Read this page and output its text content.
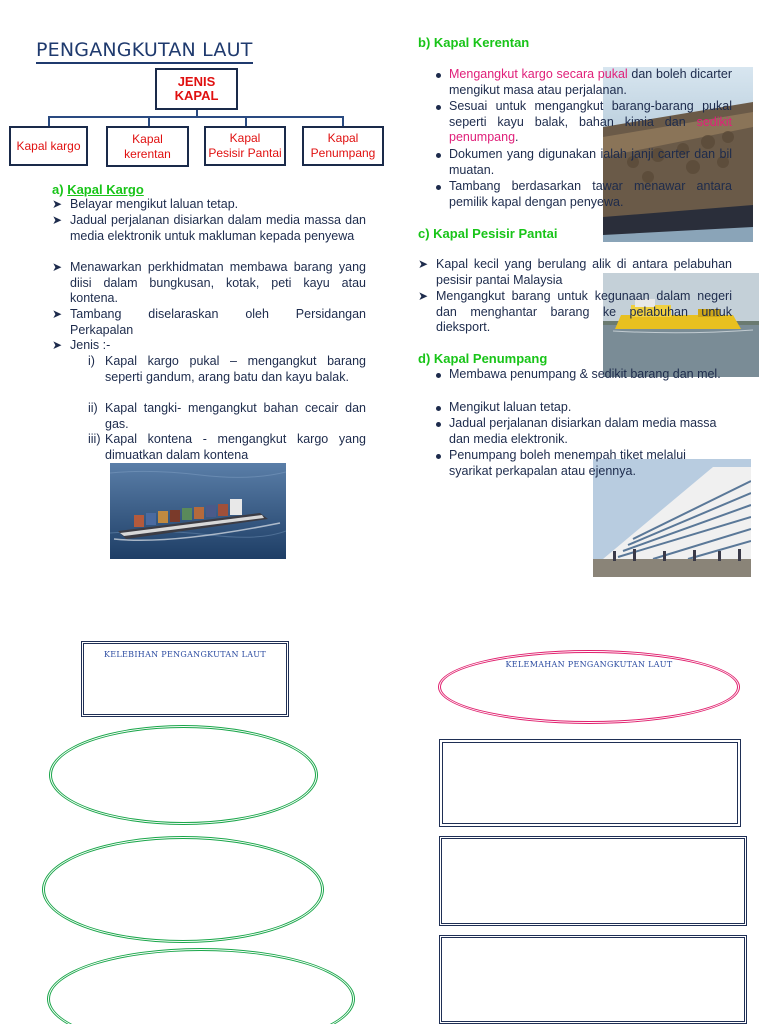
PENGANGKUTAN LAUT
JENIS
KAPAL
Kapal kargo	Kapal
kerentan
Kapal
Pesisir Pantai
Kapal
Penumpang
a) Kapal Kargo
➤ Belayar mengikut laluan tetap.
➤ Jadual perjalanan disiarkan dalam media massa dan media elektronik untuk makluman kepada penyewa
➤ Menawarkan perkhidmatan membawa barang yang diisi dalam bungkusan, kotak, peti kayu atau kontena.
➤ Tambang diselaraskan oleh Persidangan Perkapalan
➤ Jenis :-
i) Kapal kargo pukal – mengangkut barang seperti gandum, arang batu dan kayu balak.
ii) Kapal tangki- mengangkut bahan cecair dan gas.
iii) Kapal kontena - mengangkut kargo yang dimuatkan dalam kontena
b) Kapal Kerentan
Mengangkut kargo secara pukal dan boleh dicarter mengikut masa atau perjalanan.
Sesuai untuk mengangkut barang-barang pukal seperti kayu balak, bahan kimia dan sedikit penumpang.
Dokumen yang digunakan ialah janji carter dan bil muatan.
Tambang berdasarkan tawar menawar antara pemilik kapal dengan penyewa.
c) Kapal Pesisir Pantai
➤ Kapal kecil yang berulang alik di antara pelabuhan pesisir pantai Malaysia
➤ Mengangkut barang untuk kegunaan dalam negeri dan menghantar barang ke pelabuhan untuk dieksport.
d) Kapal Penumpang
Membawa penumpang & sedikit barang dan mel.
Mengikut laluan tetap.
Jadual perjalanan disiarkan dalam media massa dan media elektronik.
Penumpang boleh menempah tiket melalui syarikat perkapalan atau ejennya.
KELEBIHAN PENGANGKUTAN LAUT
KELEMAHAN PENGANGKUTAN LAUT
